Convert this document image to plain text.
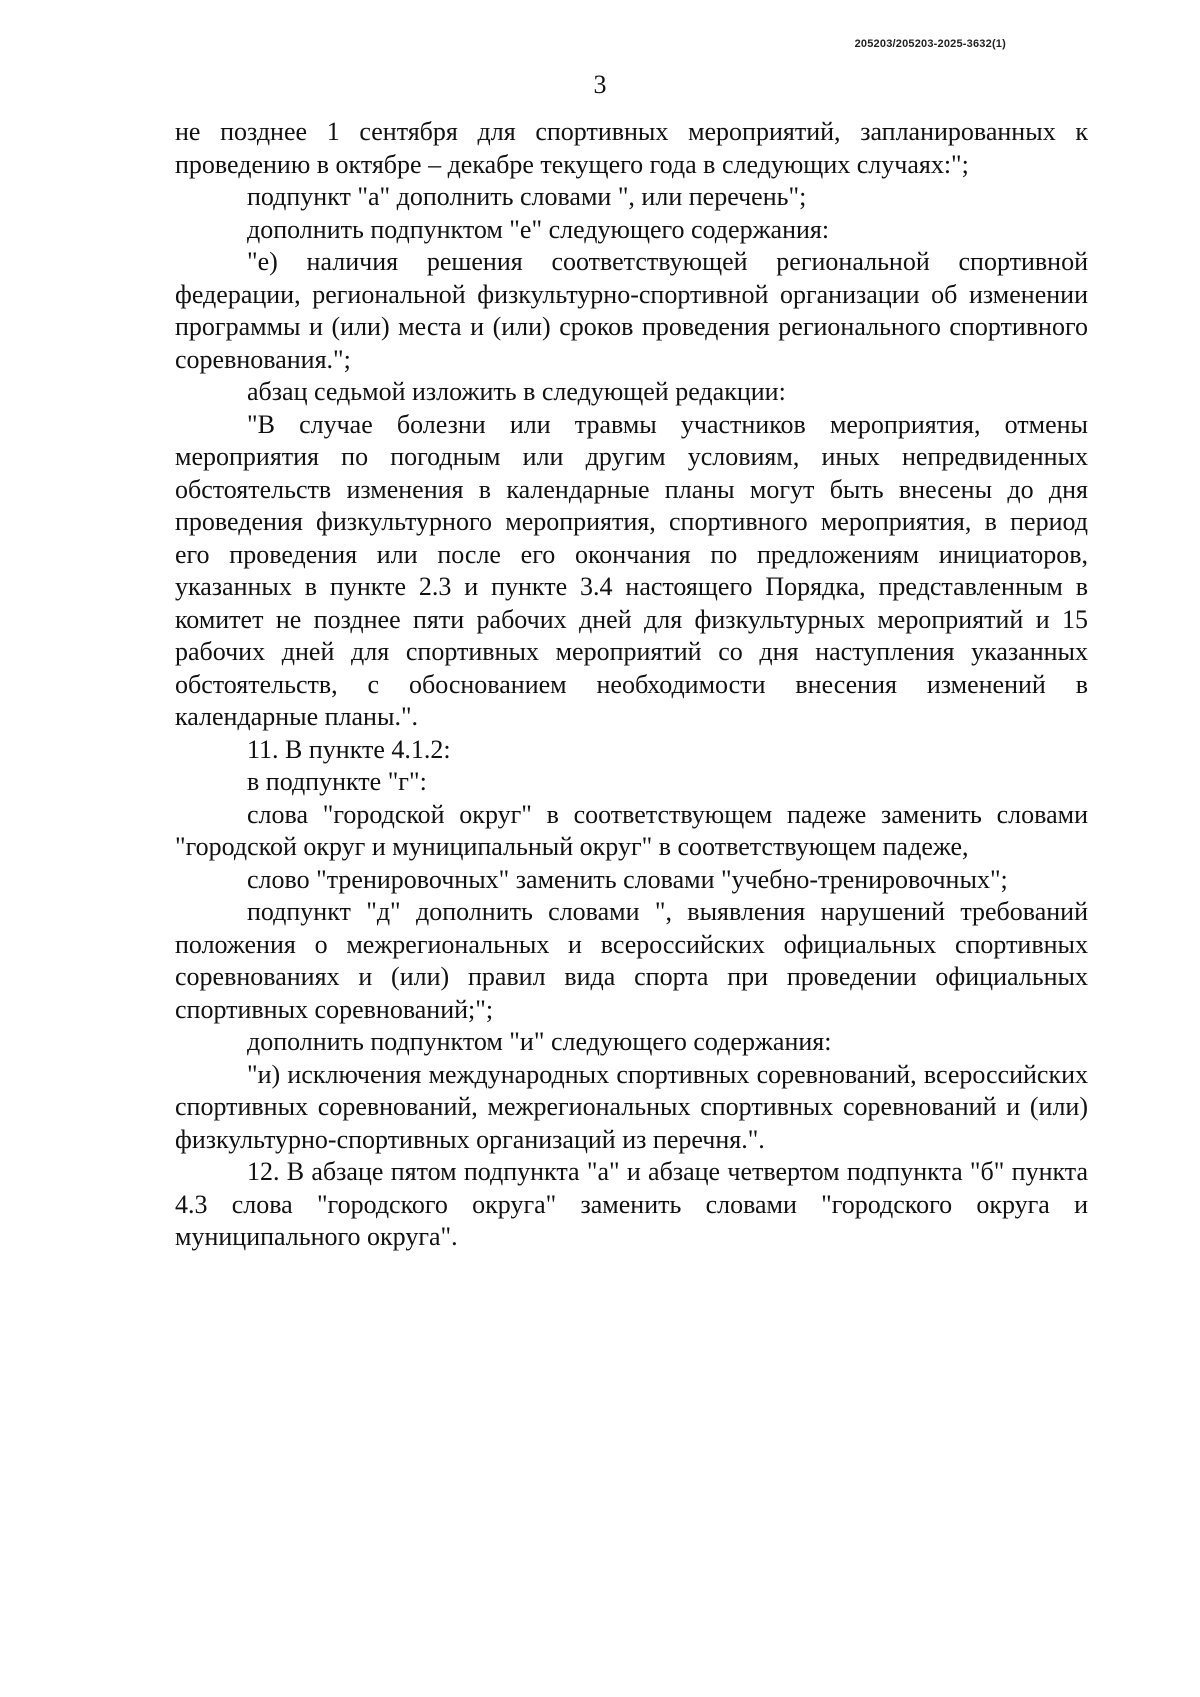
205203/205203-2025-3632(1)
3

не позднее 1 сентября для спортивных мероприятий, запланированных к проведению в октябре – декабре текущего года в следующих случаях:";

подпункт "а" дополнить словами ", или перечень";

дополнить подпунктом "е" следующего содержания:

"е) наличия решения соответствующей региональной спортивной федерации, региональной физкультурно-спортивной организации об изменении программы и (или) места и (или) сроков проведения регионального спортивного соревнования.";

абзац седьмой изложить в следующей редакции:

"В случае болезни или травмы участников мероприятия, отмены мероприятия по погодным или другим условиям, иных непредвиденных обстоятельств изменения в календарные планы могут быть внесены до дня проведения физкультурного мероприятия, спортивного мероприятия, в период его проведения или после его окончания по предложениям инициаторов, указанных в пункте 2.3 и пункте 3.4 настоящего Порядка, представленным в комитет не позднее пяти рабочих дней для физкультурных мероприятий и 15 рабочих дней для спортивных мероприятий со дня наступления указанных обстоятельств, с обоснованием необходимости внесения изменений в календарные планы.".

11. В пункте 4.1.2:

в подпункте "г":

слова "городской округ" в соответствующем падеже заменить словами "городской округ и муниципальный округ" в соответствующем падеже,

слово "тренировочных" заменить словами "учебно-тренировочных";

подпункт "д" дополнить словами ", выявления нарушений требований положения о межрегиональных и всероссийских официальных спортивных соревнованиях и (или) правил вида спорта при проведении официальных спортивных соревнований;";

дополнить подпунктом "и" следующего содержания:

"и) исключения международных спортивных соревнований, всероссийских спортивных соревнований, межрегиональных спортивных соревнований и (или) физкультурно-спортивных организаций из перечня.".

12. В абзаце пятом подпункта "а" и абзаце четвертом подпункта "б" пункта 4.3 слова "городского округа" заменить словами "городского округа и муниципального округа".
